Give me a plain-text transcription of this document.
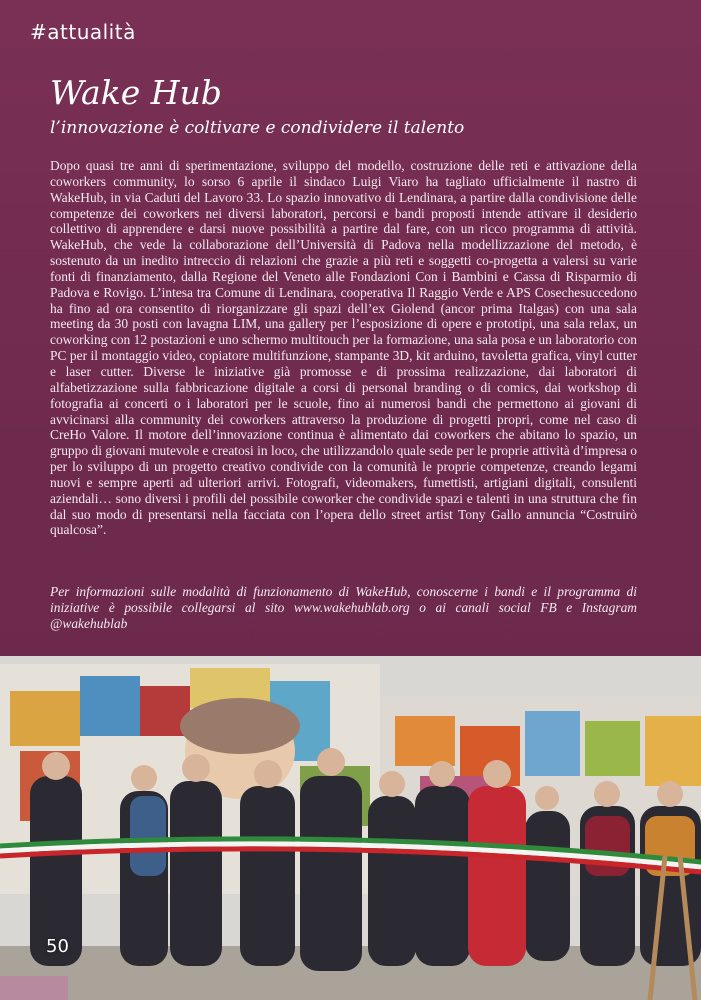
#attualità
Wake Hub
l’innovazione è coltivare e condividere il talento

Dopo quasi tre anni di sperimentazione, sviluppo del modello, costruzione delle reti e attivazione della coworkers community, lo sorso 6 aprile il sindaco Luigi Viaro ha tagliato ufficialmente il nastro di WakeHub, in via Caduti del Lavoro 33. Lo spazio innovativo di Lendinara, a partire dalla condivisione delle competenze dei coworkers nei diversi laboratori, percorsi e bandi proposti intende attivare il desiderio collettivo di apprendere e darsi nuove possibilità a partire dal fare, con un ricco programma di attività. WakeHub, che vede la collaborazione dell’Università di Padova nella modellizzazione del metodo, è sostenuto da un inedito intreccio di relazioni che grazie a più reti e soggetti co-progetta a valersi su varie fonti di finanziamento, dalla Regione del Veneto alle Fondazioni Con i Bambini e Cassa di Risparmio di Padova e Rovigo. L’intesa tra Comune di Lendinara, cooperativa Il Raggio Verde e APS Cosechesuccedono ha fino ad ora consentito di riorganizzare gli spazi dell’ex Giolend (ancor prima Italgas) con una sala meeting da 30 posti con lavagna LIM, una gallery per l’esposizione di opere e prototipi, una sala relax, un coworking con 12 postazioni e uno schermo multitouch per la formazione, una sala posa e un laboratorio con PC per il montaggio video, copiatore multifunzione, stampante 3D, kit arduino, tavoletta grafica, vinyl cutter e laser cutter. Diverse le iniziative già promosse e di prossima realizzazione, dai laboratori di alfabetizzazione sulla fabbricazione digitale a corsi di personal branding o di comics, dai workshop di fotografia ai concerti o i laboratori per le scuole, fino ai numerosi bandi che permettono ai giovani di avvicinarsi alla community dei coworkers attraverso la produzione di progetti propri, come nel caso di CreHo Valore. Il motore dell’innovazione continua è alimentato dai coworkers che abitano lo spazio, un gruppo di giovani mutevole e creatosi in loco, che utilizzandolo quale sede per le proprie attività d’impresa o per lo sviluppo di un progetto creativo condivide con la comunità le proprie competenze, creando legami nuovi e sempre aperti ad ulteriori arrivi. Fotografi, videomakers, fumettisti, artigiani digitali, consulenti aziendali… sono diversi i profili del possibile coworker che condivide spazi e talenti in una struttura che fin dal suo modo di presentarsi nella facciata con l’opera dello street artist Tony Gallo annuncia “Costruirò qualcosa”.

Per informazioni sulle modalità di funzionamento di WakeHub, conoscerne i bandi e il programma di iniziative è possibile collegarsi al sito www.wakehublab.org o ai canali social FB e Instagram @wakehublab

50
